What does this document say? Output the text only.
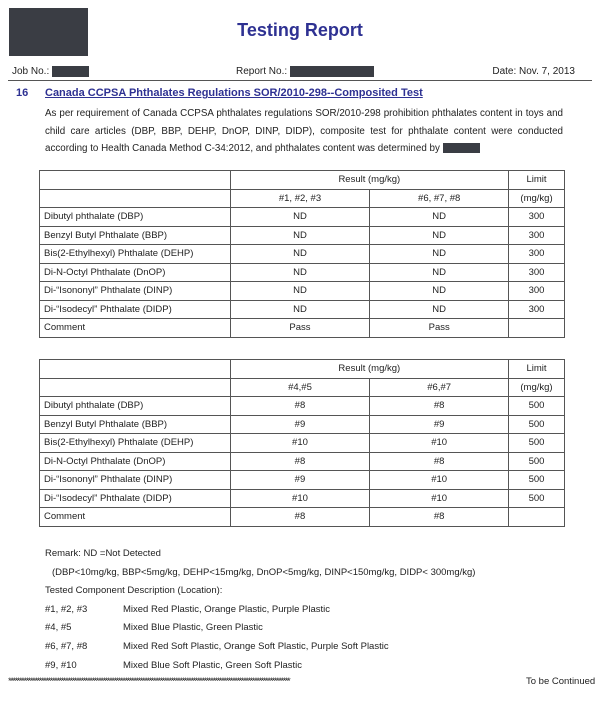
Testing Report
Job No.:	Report No.:	Date: Nov. 7, 2013
16 Canada CCPSA Phthalates Regulations SOR/2010-298--Composited Test
As per requirement of Canada CCPSA phthalates regulations SOR/2010-298 prohibition phthalates content in toys and child care articles (DBP, BBP, DEHP, DnOP, DINP, DIDP), composite test for phthalate content were conducted according to Health Canada Method C-34:2012, and phthalates content was determined by
	Result (mg/kg)		Limit
	#1, #2, #3	#6, #7, #8	(mg/kg)
Dibutyl phthalate (DBP)	ND	ND	300
Benzyl Butyl Phthalate (BBP)	ND	ND	300
Bis(2-Ethylhexyl) Phthalate (DEHP)	ND	ND	300
Di-N-Octyl Phthalate (DnOP)	ND	ND	300
Di-“Isononyl” Phthalate (DINP)	ND	ND	300
Di-“Isodecyl” Phthalate (DIDP)	ND	ND	300
Comment	Pass	Pass	
	Result (mg/kg)		Limit
	#4,#5	#6,#7	(mg/kg)
Dibutyl phthalate (DBP)	#8	#8	500
Benzyl Butyl Phthalate (BBP)	#9	#9	500
Bis(2-Ethylhexyl) Phthalate (DEHP)	#10	#10	500
Di-N-Octyl Phthalate (DnOP)	#8	#8	500
Di-“Isononyl” Phthalate (DINP)	#9	#10	500
Di-“Isodecyl” Phthalate (DIDP)	#10	#10	500
Comment	#8	#8	
Remark: ND =Not Detected
(DBP<10mg/kg, BBP<5mg/kg, DEHP<15mg/kg, DnOP<5mg/kg, DINP<150mg/kg, DIDP< 300mg/kg)
Tested Component Description (Location):
#1, #2, #3	Mixed Red Plastic, Orange Plastic, Purple Plastic
#4, #5	Mixed Blue Plastic, Green Plastic
#6, #7, #8	Mixed Red Soft Plastic, Orange Soft Plastic, Purple Soft Plastic
#9, #10	Mixed Blue Soft Plastic, Green Soft Plastic
********************************************************************************************************************************	To be Continued
